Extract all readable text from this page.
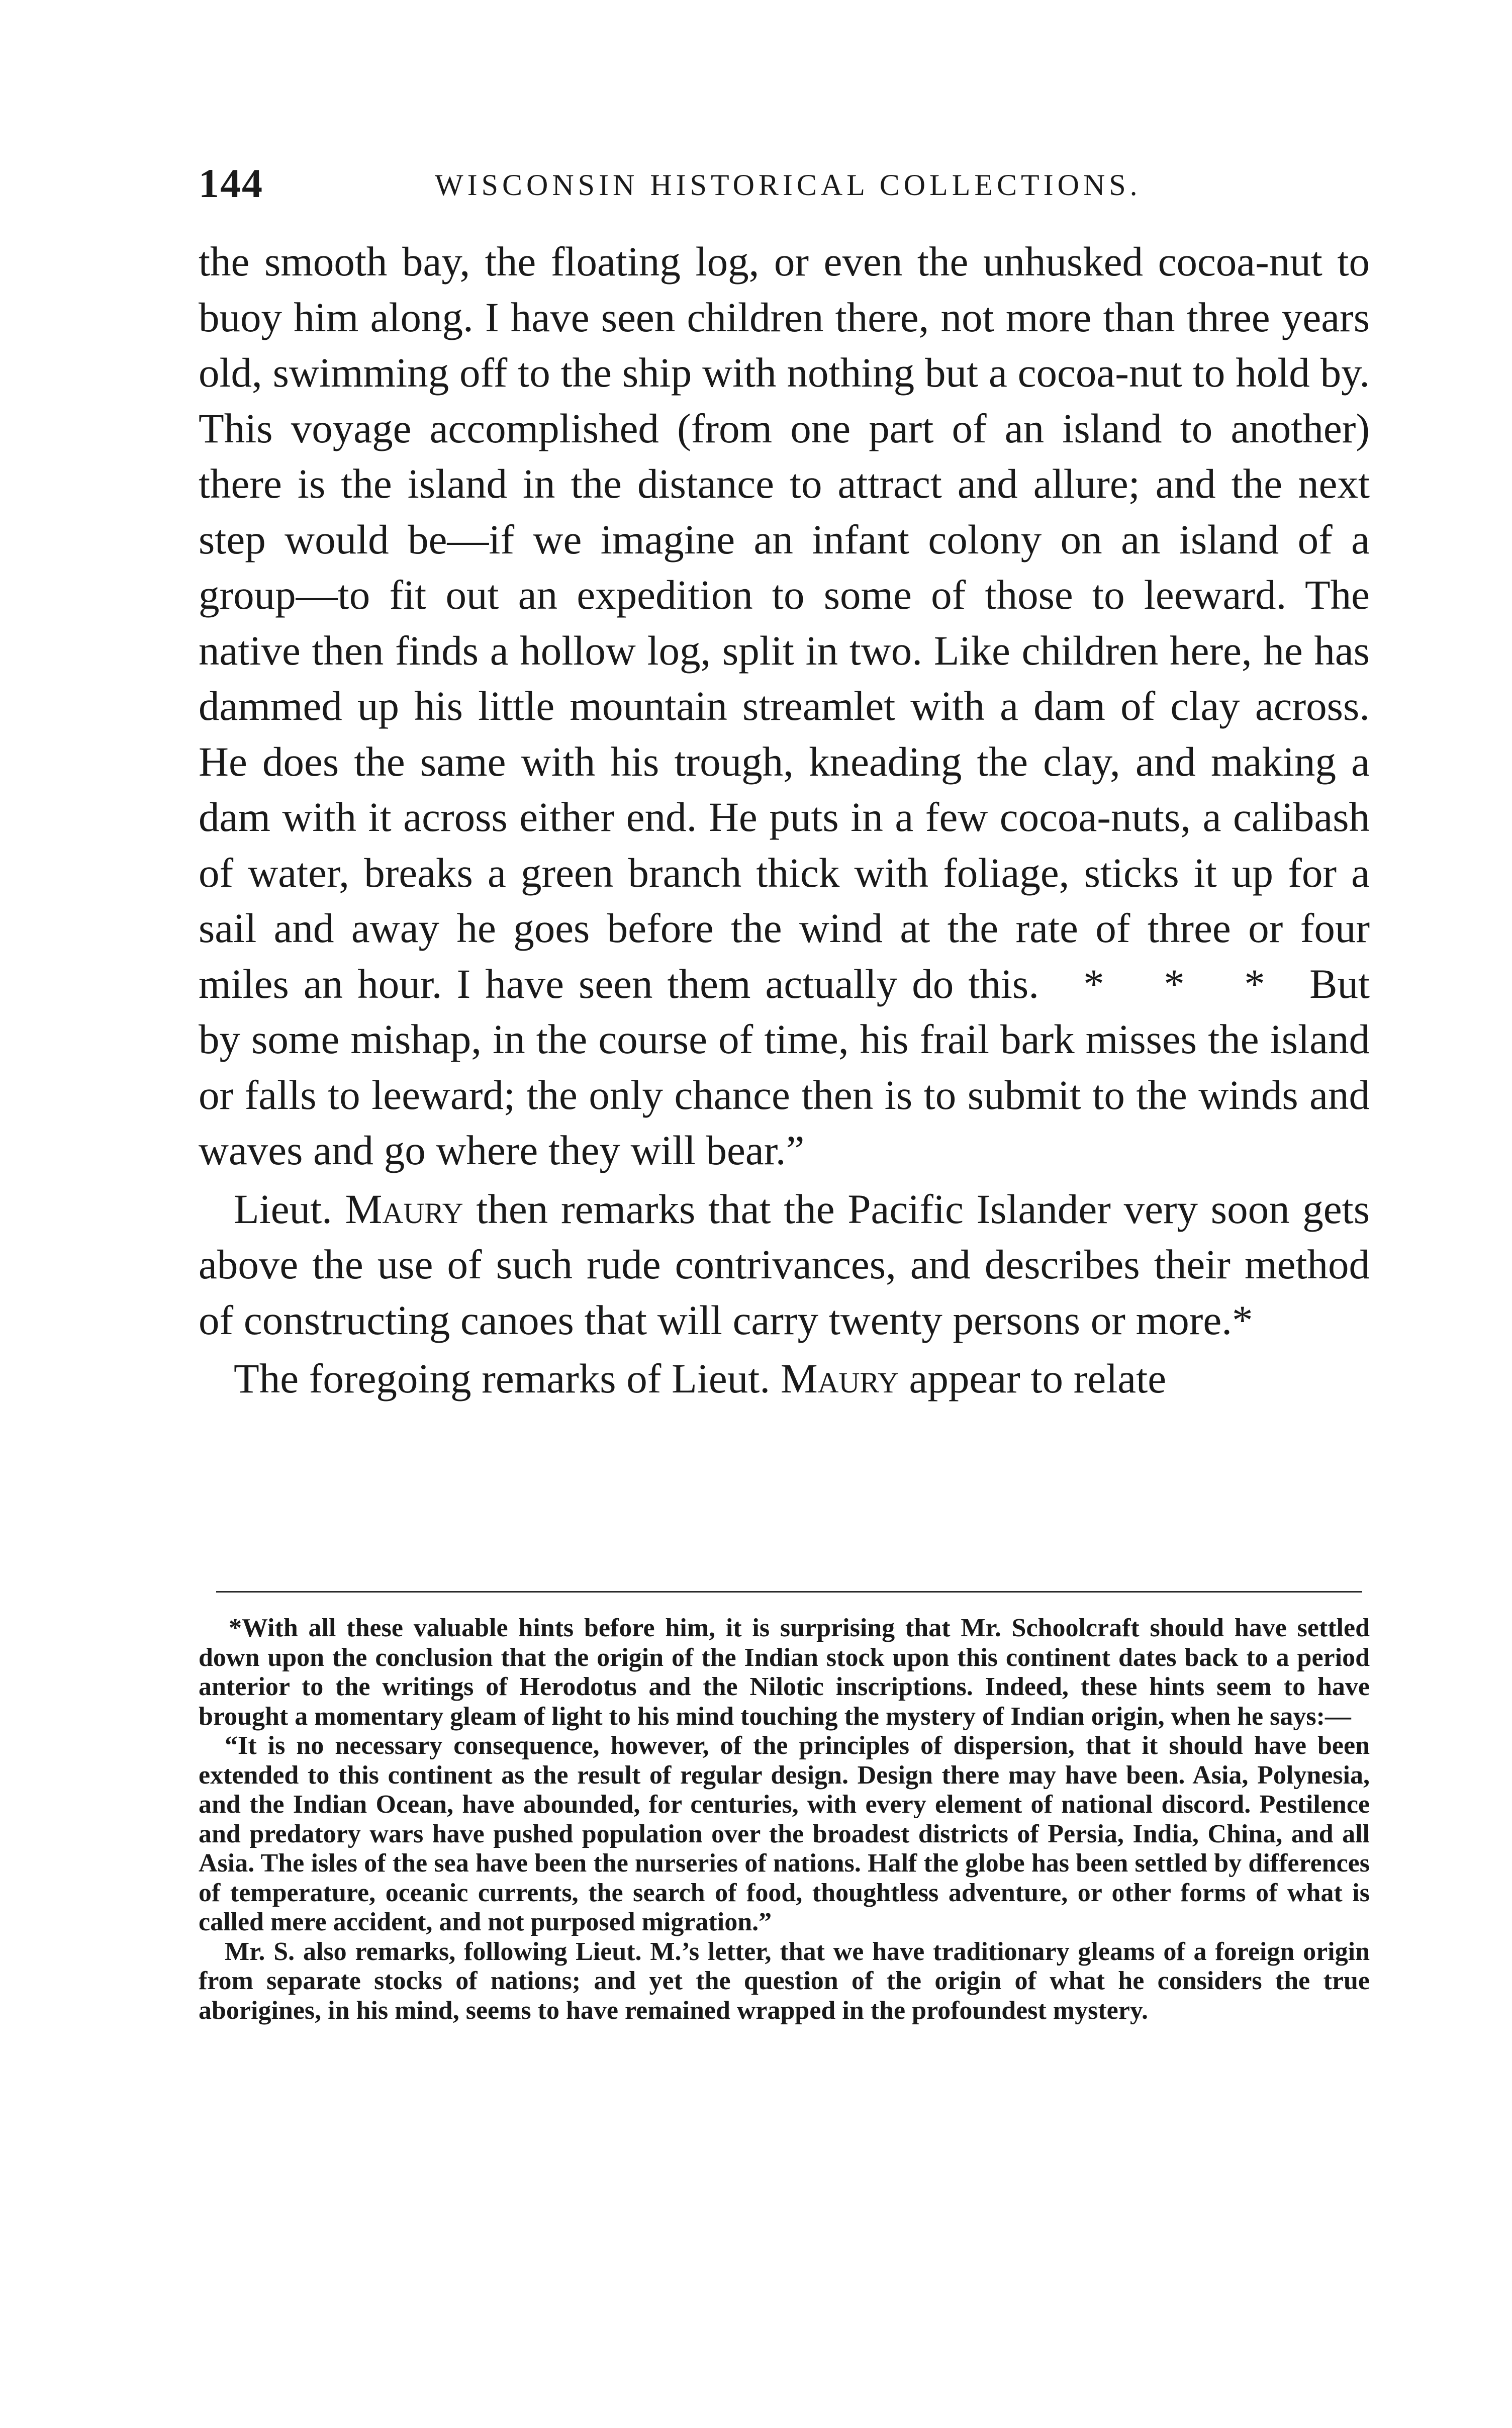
144	WISCONSIN HISTORICAL COLLECTIONS.

the smooth bay, the floating log, or even the unhusked cocoa-nut to buoy him along. I have seen children there, not more than three years old, swimming off to the ship with nothing but a cocoa-nut to hold by. This voyage accomplished (from one part of an island to another) there is the island in the distance to attract and allure; and the next step would be—if we imagine an infant colony on an island of a group—to fit out an expedition to some of those to leeward. The native then finds a hollow log, split in two. Like children here, he has dammed up his little mountain streamlet with a dam of clay across. He does the same with his trough, kneading the clay, and making a dam with it across either end. He puts in a few cocoa-nuts, a calibash of water, breaks a green branch thick with foliage, sticks it up for a sail and away he goes before the wind at the rate of three or four miles an hour. I have seen them actually do this. * * * But by some mishap, in the course of time, his frail bark misses the island or falls to leeward; the only chance then is to submit to the winds and waves and go where they will bear.”

Lieut. Maury then remarks that the Pacific Islander very soon gets above the use of such rude contrivances, and describes their method of constructing canoes that will carry twenty persons or more.*

The foregoing remarks of Lieut. Maury appear to relate

*With all these valuable hints before him, it is surprising that Mr. Schoolcraft should have settled down upon the conclusion that the origin of the Indian stock upon this continent dates back to a period anterior to the writings of Herodotus and the Nilotic inscriptions. Indeed, these hints seem to have brought a momentary gleam of light to his mind touching the mystery of Indian origin, when he says:—

“It is no necessary consequence, however, of the principles of dispersion, that it should have been extended to this continent as the result of regular design. Design there may have been. Asia, Polynesia, and the Indian Ocean, have abounded, for centuries, with every element of national discord. Pestilence and predatory wars have pushed population over the broadest districts of Persia, India, China, and all Asia. The isles of the sea have been the nurseries of nations. Half the globe has been settled by differences of temperature, oceanic currents, the search of food, thoughtless adventure, or other forms of what is called mere accident, and not purposed migration.”

Mr. S. also remarks, following Lieut. M.’s letter, that we have traditionary gleams of a foreign origin from separate stocks of nations; and yet the question of the origin of what he considers the true aborigines, in his mind, seems to have remained wrapped in the profoundest mystery.
